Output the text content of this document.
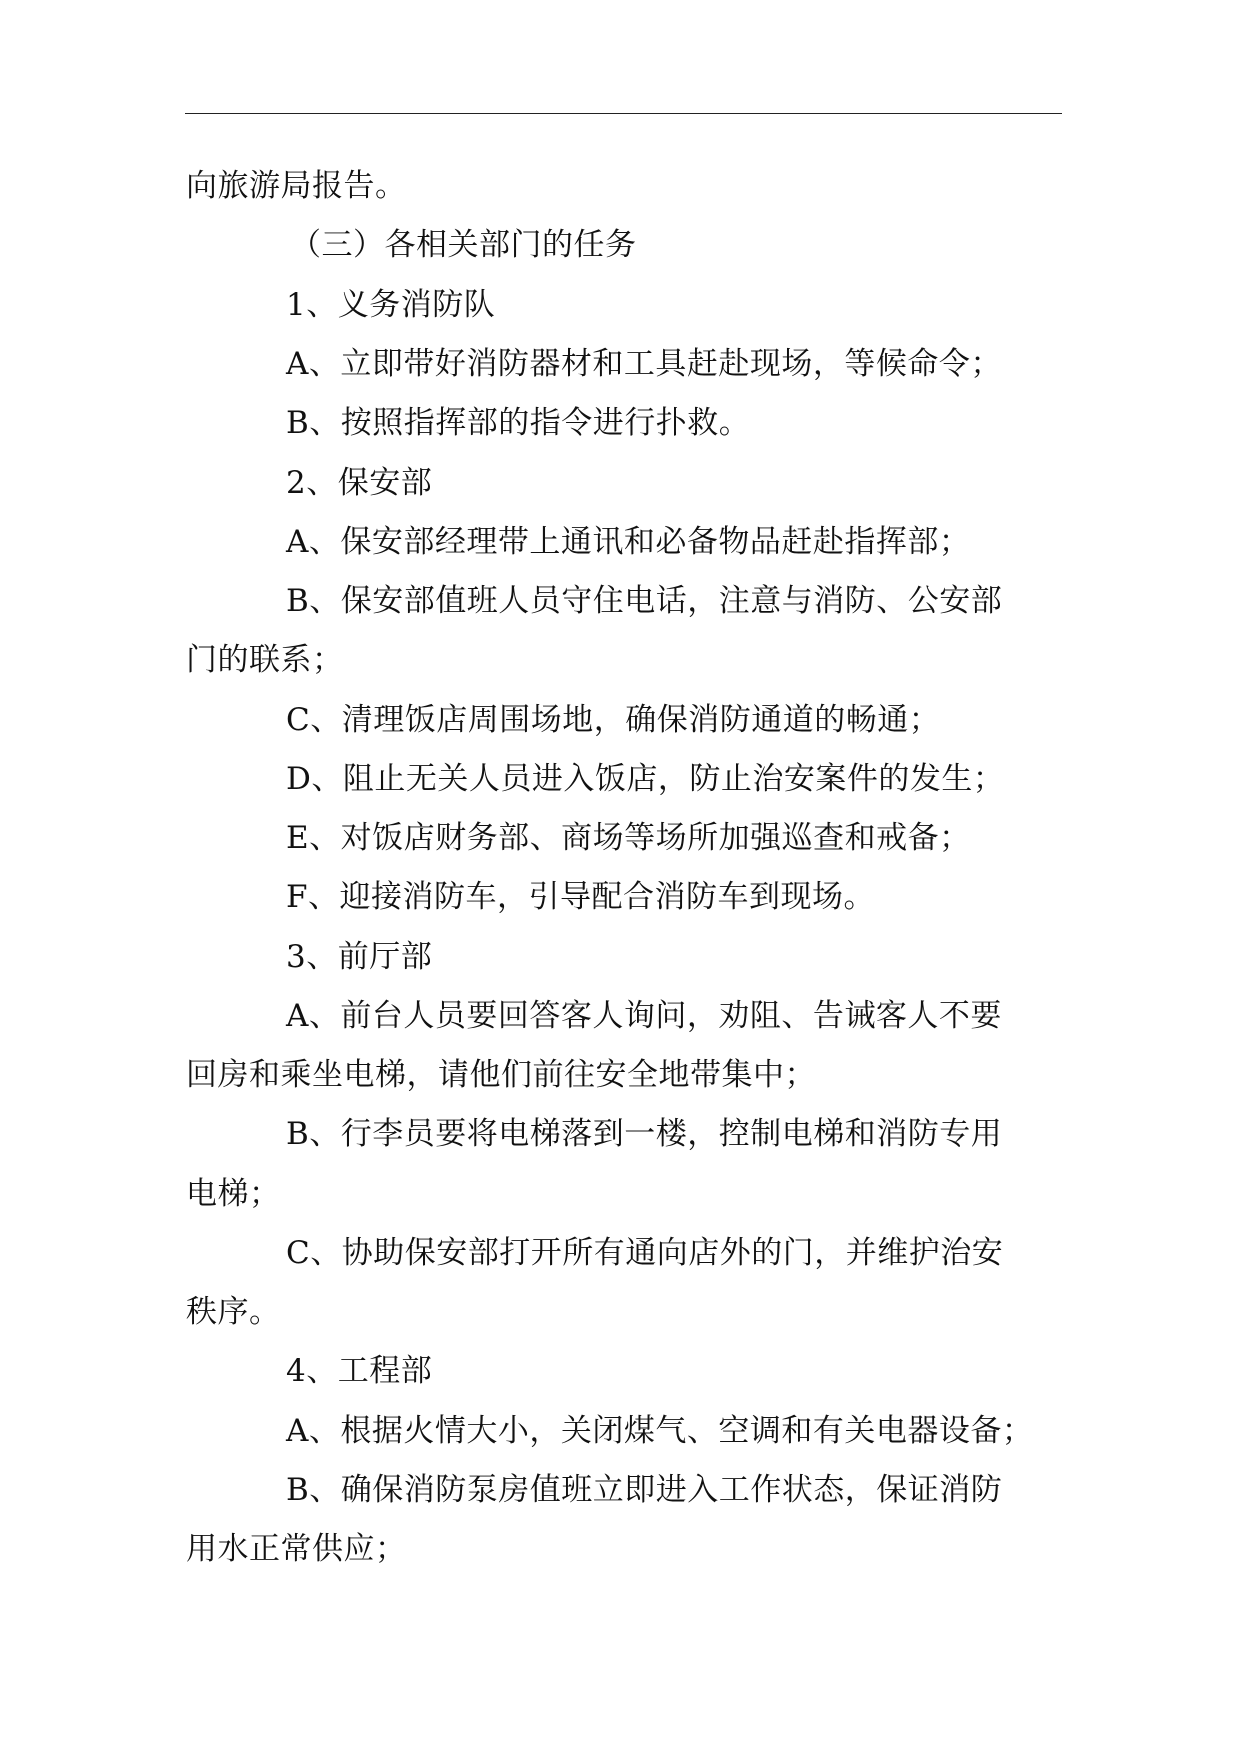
向旅游局报告。
（三）各相关部门的任务
1、义务消防队
A、立即带好消防器材和工具赶赴现场，等候命令；
B、按照指挥部的指令进行扑救。
2、保安部
A、保安部经理带上通讯和必备物品赶赴指挥部；
B、保安部值班人员守住电话，注意与消防、公安部
门的联系；
C、清理饭店周围场地，确保消防通道的畅通；
D、阻止无关人员进入饭店，防止治安案件的发生；
E、对饭店财务部、商场等场所加强巡查和戒备；
F、迎接消防车，引导配合消防车到现场。
3、前厅部
A、前台人员要回答客人询问，劝阻、告诫客人不要
回房和乘坐电梯，请他们前往安全地带集中；
B、行李员要将电梯落到一楼，控制电梯和消防专用
电梯；
C、协助保安部打开所有通向店外的门，并维护治安
秩序。
4、工程部
A、根据火情大小，关闭煤气、空调和有关电器设备；
B、确保消防泵房值班立即进入工作状态，保证消防
用水正常供应；
